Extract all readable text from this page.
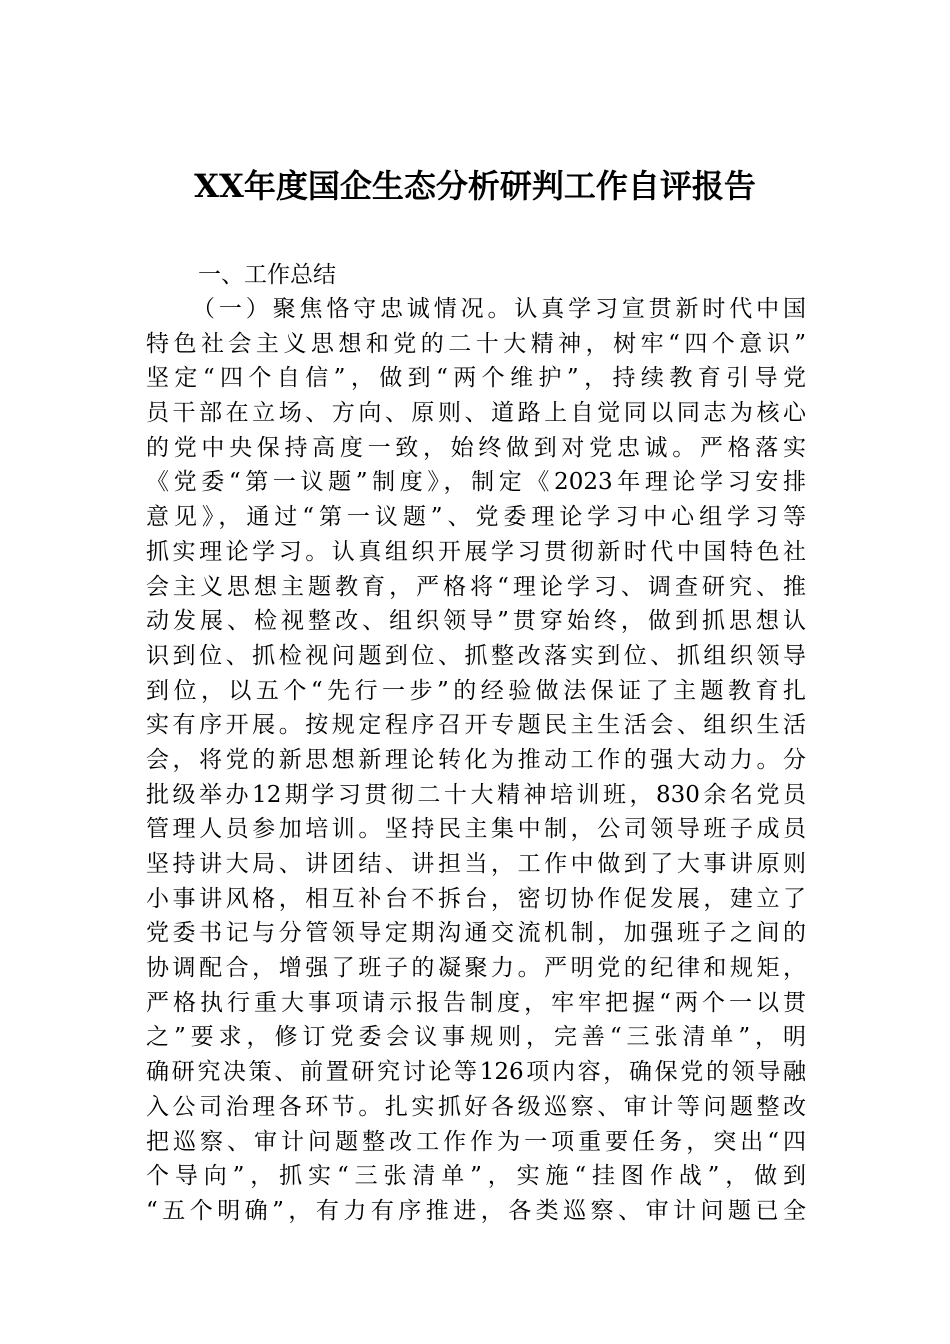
XX年度国企生态分析研判工作自评报告
一、工作总结
（一）聚焦恪守忠诚情况。认真学习宣贯新时代中国
特色社会主义思想和党的二十大精神，树牢“四个意识”
坚定“四个自信”，做到“两个维护”，持续教育引导党
员干部在立场、方向、原则、道路上自觉同以同志为核心
的党中央保持高度一致，始终做到对党忠诚。严格落实
《党委“第一议题”制度》，制定《2023年理论学习安排
意见》，通过“第一议题”、党委理论学习中心组学习等
抓实理论学习。认真组织开展学习贯彻新时代中国特色社
会主义思想主题教育，严格将“理论学习、调查研究、推
动发展、检视整改、组织领导”贯穿始终，做到抓思想认
识到位、抓检视问题到位、抓整改落实到位、抓组织领导
到位，以五个“先行一步”的经验做法保证了主题教育扎
实有序开展。按规定程序召开专题民主生活会、组织生活
会，将党的新思想新理论转化为推动工作的强大动力。分
批级举办12期学习贯彻二十大精神培训班，830余名党员
管理人员参加培训。坚持民主集中制，公司领导班子成员
坚持讲大局、讲团结、讲担当，工作中做到了大事讲原则
小事讲风格，相互补台不拆台，密切协作促发展，建立了
党委书记与分管领导定期沟通交流机制，加强班子之间的
协调配合，增强了班子的凝聚力。严明党的纪律和规矩，
严格执行重大事项请示报告制度，牢牢把握“两个一以贯
之”要求，修订党委会议事规则，完善“三张清单”，明
确研究决策、前置研究讨论等126项内容，确保党的领导融
入公司治理各环节。扎实抓好各级巡察、审计等问题整改
把巡察、审计问题整改工作作为一项重要任务，突出“四
个导向”，抓实“三张清单”，实施“挂图作战”，做到
“五个明确”，有力有序推进，各类巡察、审计问题已全
